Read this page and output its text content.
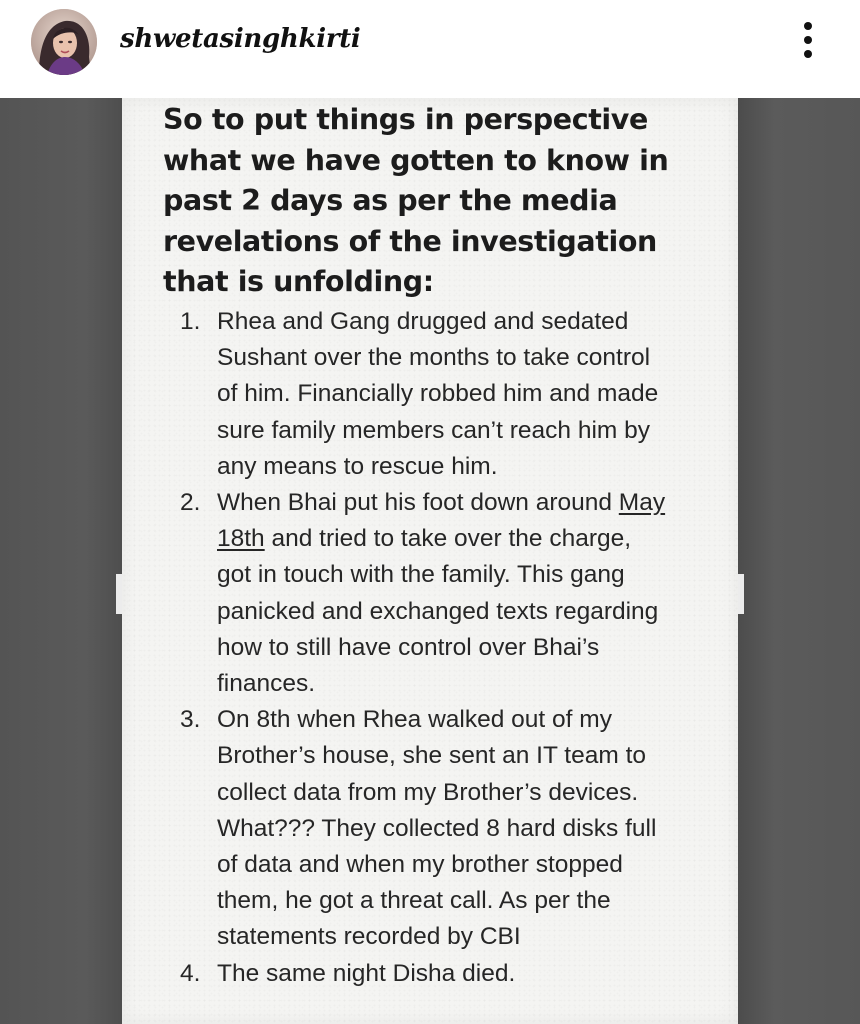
shwetasinghkirti
So to put things in perspective
what we have gotten to know in
past 2 days as per the media
revelations of the investigation
that is unfolding:
1. Rhea and Gang drugged and sedated
Sushant over the months to take control
of him. Financially robbed him and made
sure family members can’t reach him by
any means to rescue him.
2. When Bhai put his foot down around May
18th and tried to take over the charge,
got in touch with the family. This gang
panicked and exchanged texts regarding
how to still have control over Bhai’s
finances.
3. On 8th when Rhea walked out of my
Brother’s house, she sent an IT team to
collect data from my Brother’s devices.
What??? They collected 8 hard disks full
of data and when my brother stopped
them, he got a threat call. As per the
statements recorded by CBI
4. The same night Disha died.
